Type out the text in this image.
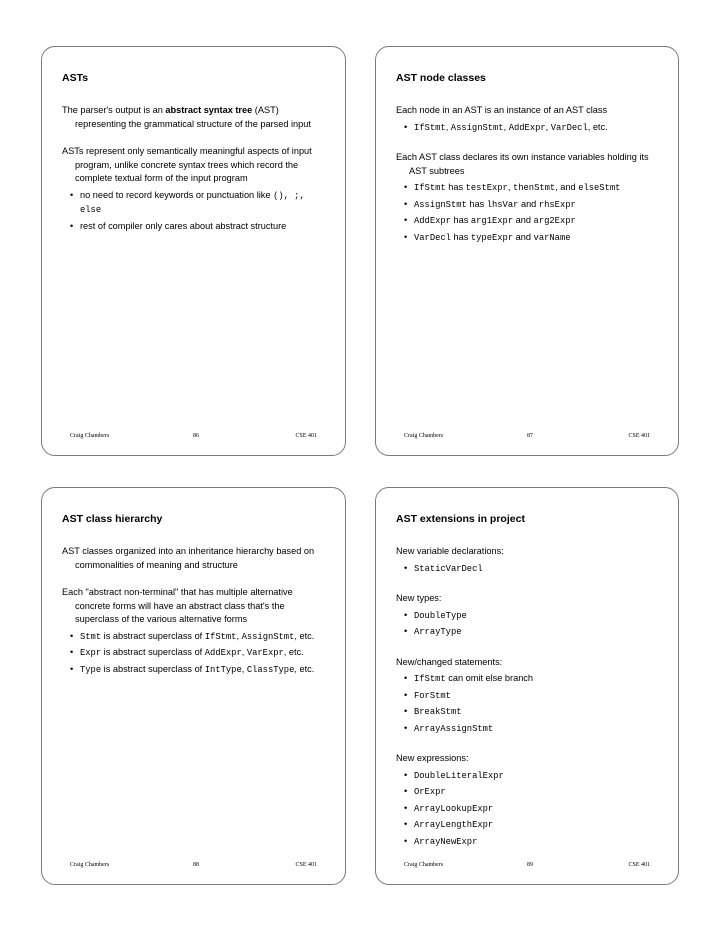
ASTs

The parser's output is an abstract syntax tree (AST) representing the grammatical structure of the parsed input

ASTs represent only semantically meaningful aspects of input program, unlike concrete syntax trees which record the complete textual form of the input program

• no need to record keywords or punctuation like (), ;, else
• rest of compiler only cares about abstract structure
Craig Chambers	86	CSE 401
AST node classes

Each node in an AST is an instance of an AST class

• IfStmt, AssignStmt, AddExpr, VarDecl, etc.

Each AST class declares its own instance variables holding its AST subtrees

• IfStmt has testExpr, thenStmt, and elseStmt
• AssignStmt has lhsVar and rhsExpr
• AddExpr has arg1Expr and arg2Expr
• VarDecl has typeExpr and varName
Craig Chambers	87	CSE 401
AST class hierarchy

AST classes organized into an inheritance hierarchy based on commonalities of meaning and structure

Each "abstract non-terminal" that has multiple alternative concrete forms will have an abstract class that's the superclass of the various alternative forms

• Stmt is abstract superclass of IfStmt, AssignStmt, etc.
• Expr is abstract superclass of AddExpr, VarExpr, etc.
• Type is abstract superclass of IntType, ClassType, etc.
Craig Chambers	88	CSE 401
AST extensions in project

New variable declarations:

• StaticVarDecl

New types:

• DoubleType
• ArrayType

New/changed statements:

• IfStmt can omit else branch
• ForStmt
• BreakStmt
• ArrayAssignStmt

New expressions:

• DoubleLiteralExpr
• OrExpr
• ArrayLookupExpr
• ArrayLengthExpr
• ArrayNewExpr
Craig Chambers	89	CSE 401
